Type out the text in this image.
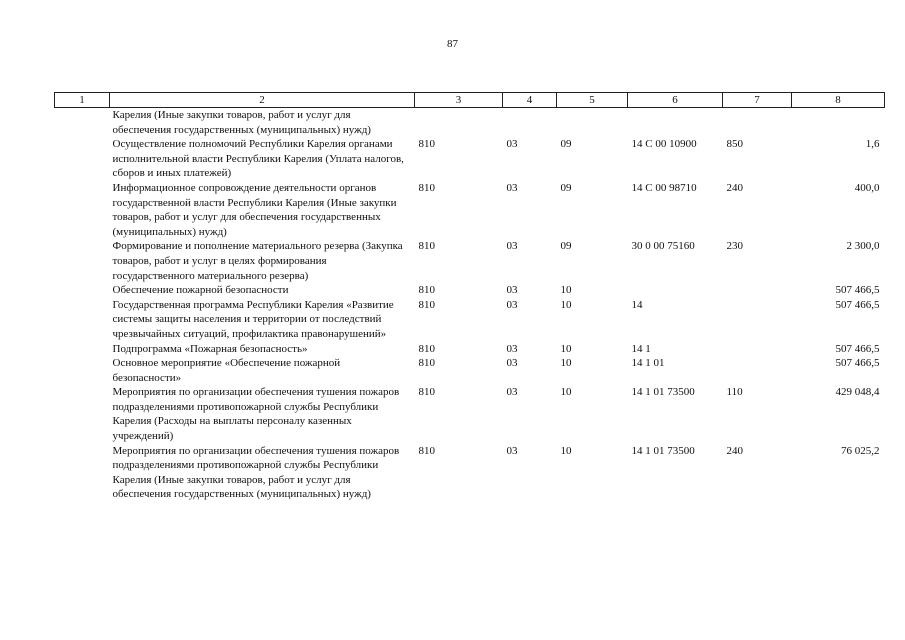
87
1	2	3	4	5	6	7	8
	Карелия (Иные закупки товаров, работ и услуг для обеспечения государственных (муниципальных) нужд)						
	Осуществление полномочий Республики Карелия органами исполнительной власти Республики Карелия (Уплата налогов, сборов и иных платежей)	810	03	09	14 С 00 10900	850	1,6
	Информационное сопровождение деятельности органов государственной власти Республики Карелия (Иные закупки товаров, работ и услуг для обеспечения государственных (муниципальных) нужд)	810	03	09	14 С 00 98710	240	400,0
	Формирование и пополнение материального резерва (Закупка товаров, работ и услуг в целях формирования государственного материального резерва)	810	03	09	30 0 00 75160	230	2 300,0
	Обеспечение пожарной безопасности	810	03	10			507 466,5
	Государственная программа Республики Карелия «Развитие системы защиты населения и территории от последствий чрезвычайных ситуаций, профилактика правонарушений»	810	03	10	14		507 466,5
	Подпрограмма «Пожарная безопасность»	810	03	10	14 1		507 466,5
	Основное мероприятие «Обеспечение пожарной безопасности»	810	03	10	14 1 01		507 466,5
	Мероприятия по организации обеспечения тушения пожаров подразделениями противопожарной службы Республики Карелия (Расходы на выплаты персоналу казенных учреждений)	810	03	10	14 1 01 73500	110	429 048,4
	Мероприятия по организации обеспечения тушения пожаров подразделениями противопожарной службы Республики Карелия (Иные закупки товаров, работ и услуг для обеспечения государственных (муниципальных) нужд)	810	03	10	14 1 01 73500	240	76 025,2
